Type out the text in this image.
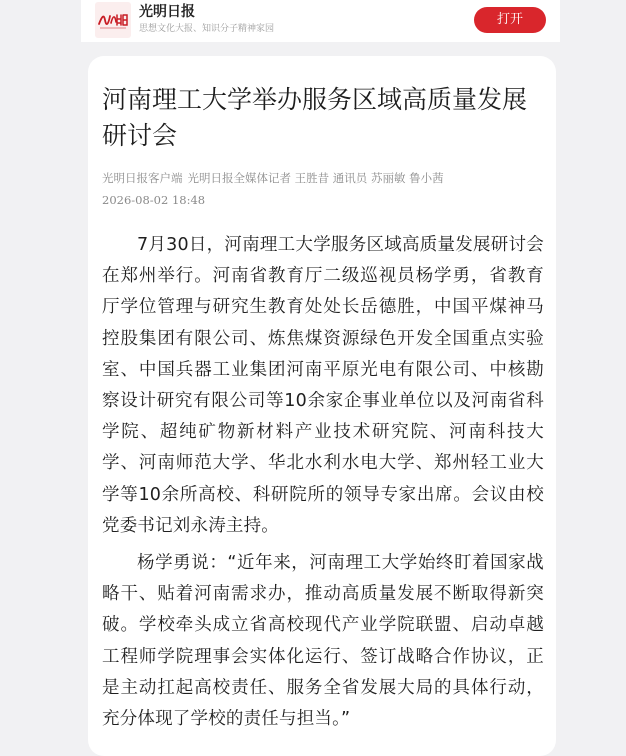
光明日报
思想文化大报、知识分子精神家园
打开
河南理工大学举办服务区域高质量发展研讨会
光明日报客户端 光明日报全媒体记者 王胜昔 通讯员 苏丽敏 鲁小茜
2026-08-02 18:48

7月30日，河南理工大学服务区域高质量发展研讨会在郑州举行。河南省教育厅二级巡视员杨学勇，省教育厅学位管理与研究生教育处处长岳德胜，中国平煤神马控股集团有限公司、炼焦煤资源绿色开发全国重点实验室、中国兵器工业集团河南平原光电有限公司、中核勘察设计研究有限公司等10余家企事业单位以及河南省科学院、超纯矿物新材料产业技术研究院、河南科技大学、河南师范大学、华北水利水电大学、郑州轻工业大学等10余所高校、科研院所的领导专家出席。会议由校党委书记刘永涛主持。

杨学勇说：“近年来，河南理工大学始终盯着国家战略干、贴着河南需求办，推动高质量发展不断取得新突破。学校牵头成立省高校现代产业学院联盟、启动卓越工程师学院理事会实体化运行、签订战略合作协议，正是主动扛起高校责任、服务全省发展大局的具体行动，充分体现了学校的责任与担当。”
